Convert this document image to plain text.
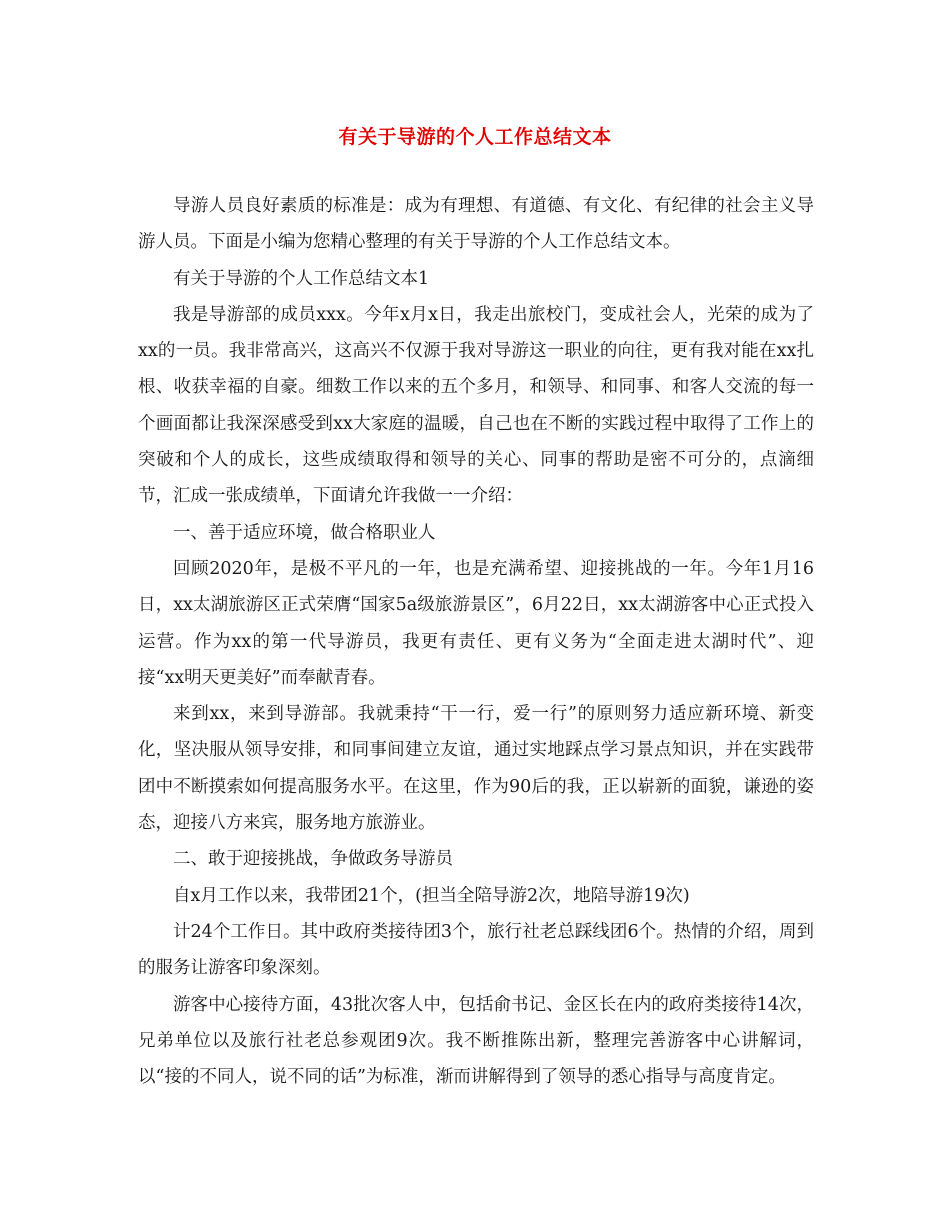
有关于导游的个人工作总结文本

导游人员良好素质的标准是：成为有理想、有道德、有文化、有纪律的社会主义导游人员。下面是小编为您精心整理的有关于导游的个人工作总结文本。

有关于导游的个人工作总结文本1

我是导游部的成员xxx。今年x月x日，我走出旅校门，变成社会人，光荣的成为了xx的一员。我非常高兴，这高兴不仅源于我对导游这一职业的向往，更有我对能在xx扎根、收获幸福的自豪。细数工作以来的五个多月，和领导、和同事、和客人交流的每一个画面都让我深深感受到xx大家庭的温暖，自己也在不断的实践过程中取得了工作上的突破和个人的成长，这些成绩取得和领导的关心、同事的帮助是密不可分的，点滴细节，汇成一张成绩单，下面请允许我做一一介绍：

一、善于适应环境，做合格职业人

回顾2020年，是极不平凡的一年，也是充满希望、迎接挑战的一年。今年1月16日，xx太湖旅游区正式荣膺“国家5a级旅游景区”，6月22日，xx太湖游客中心正式投入运营。作为xx的第一代导游员，我更有责任、更有义务为“全面走进太湖时代”、迎接“xx明天更美好”而奉献青春。

来到xx，来到导游部。我就秉持“干一行，爱一行”的原则努力适应新环境、新变化，坚决服从领导安排，和同事间建立友谊，通过实地踩点学习景点知识，并在实践带团中不断摸索如何提高服务水平。在这里，作为90后的我，正以崭新的面貌，谦逊的姿态，迎接八方来宾，服务地方旅游业。

二、敢于迎接挑战，争做政务导游员

自x月工作以来，我带团21个，(担当全陪导游2次，地陪导游19次)

计24个工作日。其中政府类接待团3个，旅行社老总踩线团6个。热情的介绍，周到的服务让游客印象深刻。

游客中心接待方面，43批次客人中，包括俞书记、金区长在内的政府类接待14次，兄弟单位以及旅行社老总参观团9次。我不断推陈出新，整理完善游客中心讲解词，以“接的不同人，说不同的话”为标准，渐而讲解得到了领导的悉心指导与高度肯定。
